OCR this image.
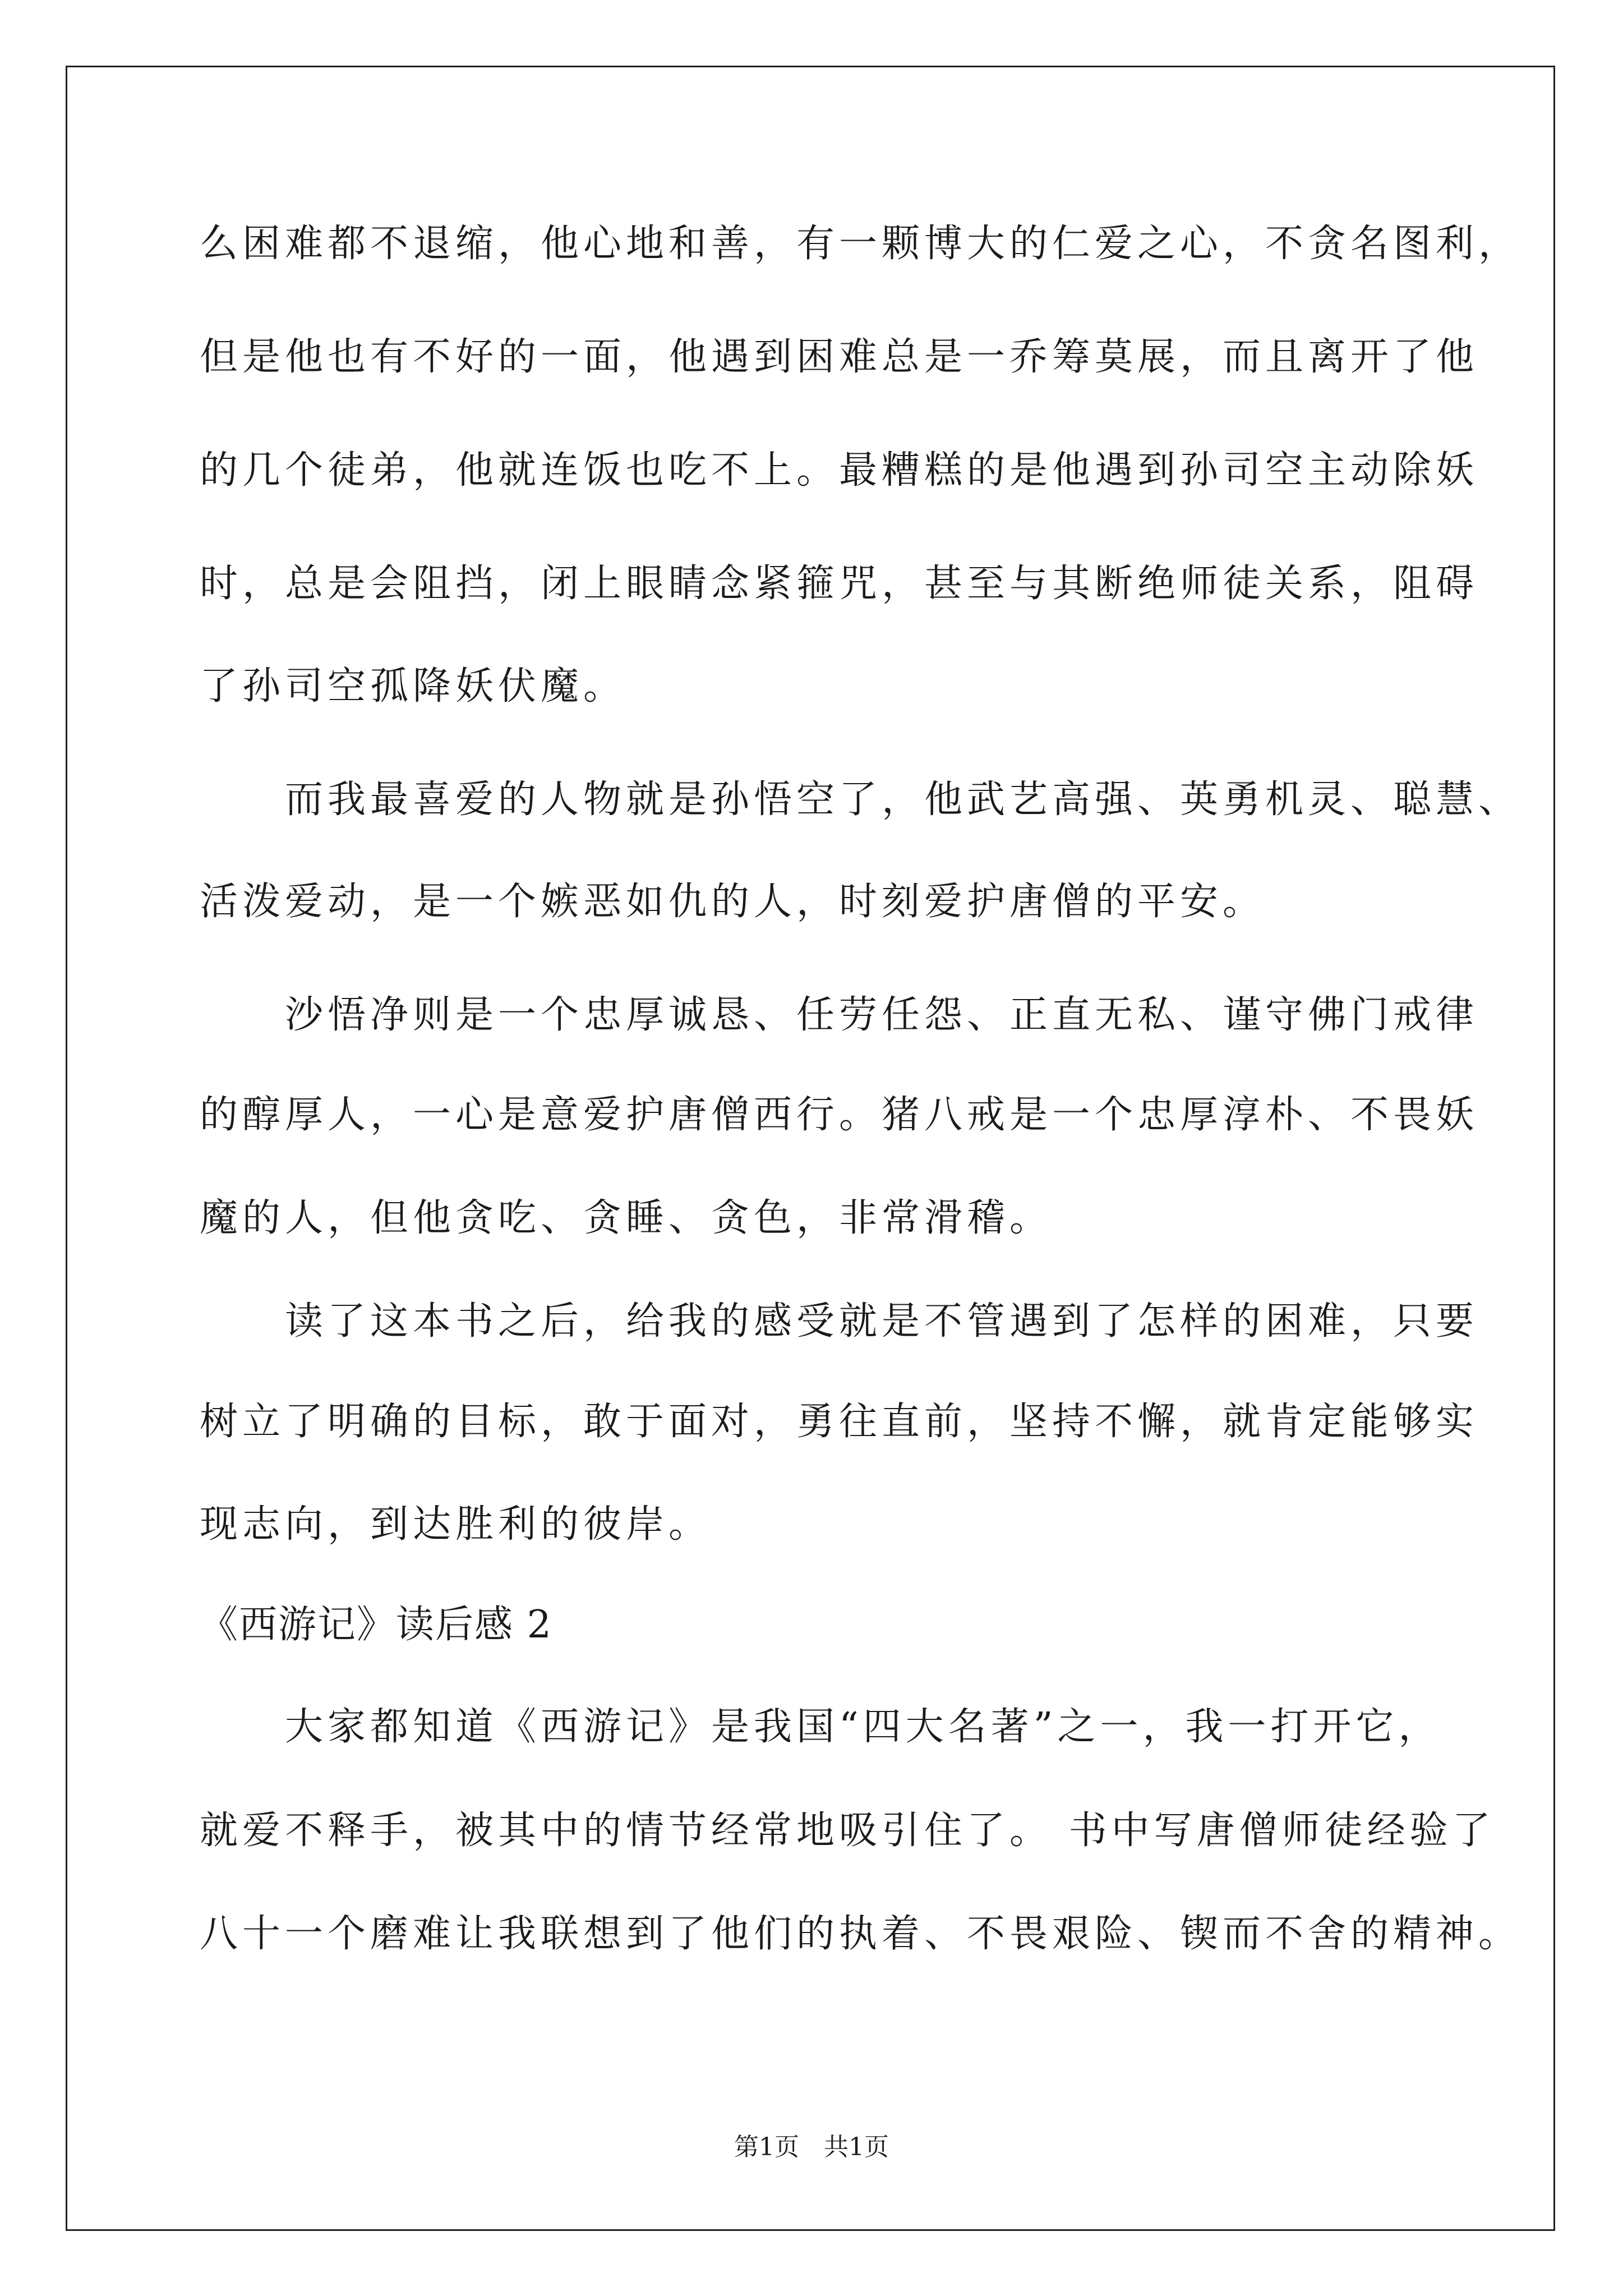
么困难都不退缩，他心地和善，有一颗博大的仁爱之心，不贪名图利，
但是他也有不好的一面，他遇到困难总是一乔筹莫展，而且离开了他
的几个徒弟，他就连饭也吃不上。最糟糕的是他遇到孙司空主动除妖
时，总是会阻挡，闭上眼睛念紧箍咒，甚至与其断绝师徒关系，阻碍
了孙司空孤降妖伏魔。
　　而我最喜爱的人物就是孙悟空了，他武艺高强、英勇机灵、聪慧、
活泼爱动，是一个嫉恶如仇的人，时刻爱护唐僧的平安。
　　沙悟净则是一个忠厚诚恳、任劳任怨、正直无私、谨守佛门戒律
的醇厚人，一心是意爱护唐僧西行。猪八戒是一个忠厚淳朴、不畏妖
魔的人，但他贪吃、贪睡、贪色，非常滑稽。
　　读了这本书之后，给我的感受就是不管遇到了怎样的困难，只要
树立了明确的目标，敢于面对，勇往直前，坚持不懈，就肯定能够实
现志向，到达胜利的彼岸。
《西游记》读后感 2
　　大家都知道《西游记》是我国“四大名著”之一，我一打开它，
就爱不释手，被其中的情节经常地吸引住了。 书中写唐僧师徒经验了
八十一个磨难让我联想到了他们的执着、不畏艰险、锲而不舍的精神。
第1页 共1页
